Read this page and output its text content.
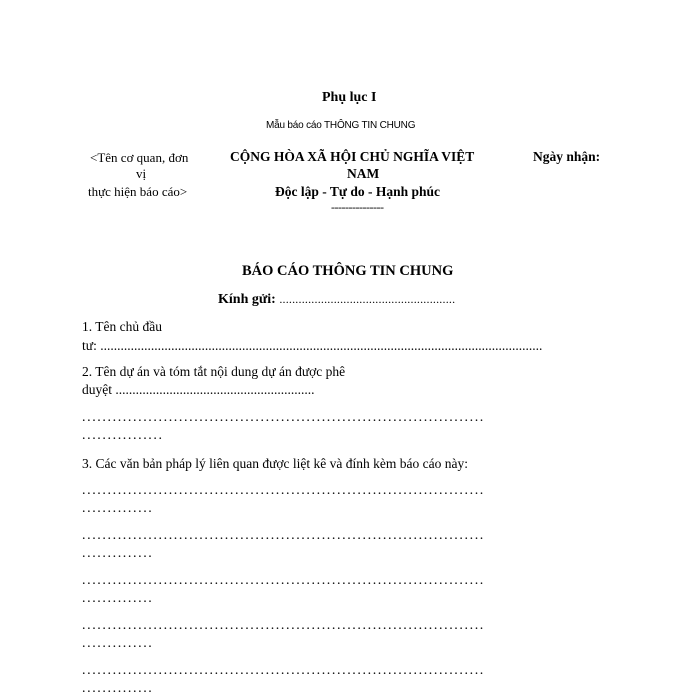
Phụ lục I
Mẫu báo cáo THÔNG TIN CHUNG
<Tên cơ quan, đơn
vị
thực hiện báo cáo>
CỘNG HÒA XÃ HỘI CHỦ NGHĨA VIỆT
NAM
Độc lập - Tự do - Hạnh phúc
---------------
Ngày nhận:
BÁO CÁO THÔNG TIN CHUNG
Kính gửi: .......................................................
1. Tên chủ đầu
tư: ...................................................................................................................................
2. Tên dự án và tóm tắt nội dung dự án được phê
duyệt ...........................................................
...............................................................................
................
3. Các văn bản pháp lý liên quan được liệt kê và đính kèm báo cáo này:
...............................................................................
..............
...............................................................................
..............
...............................................................................
..............
...............................................................................
..............
...............................................................................
..............
